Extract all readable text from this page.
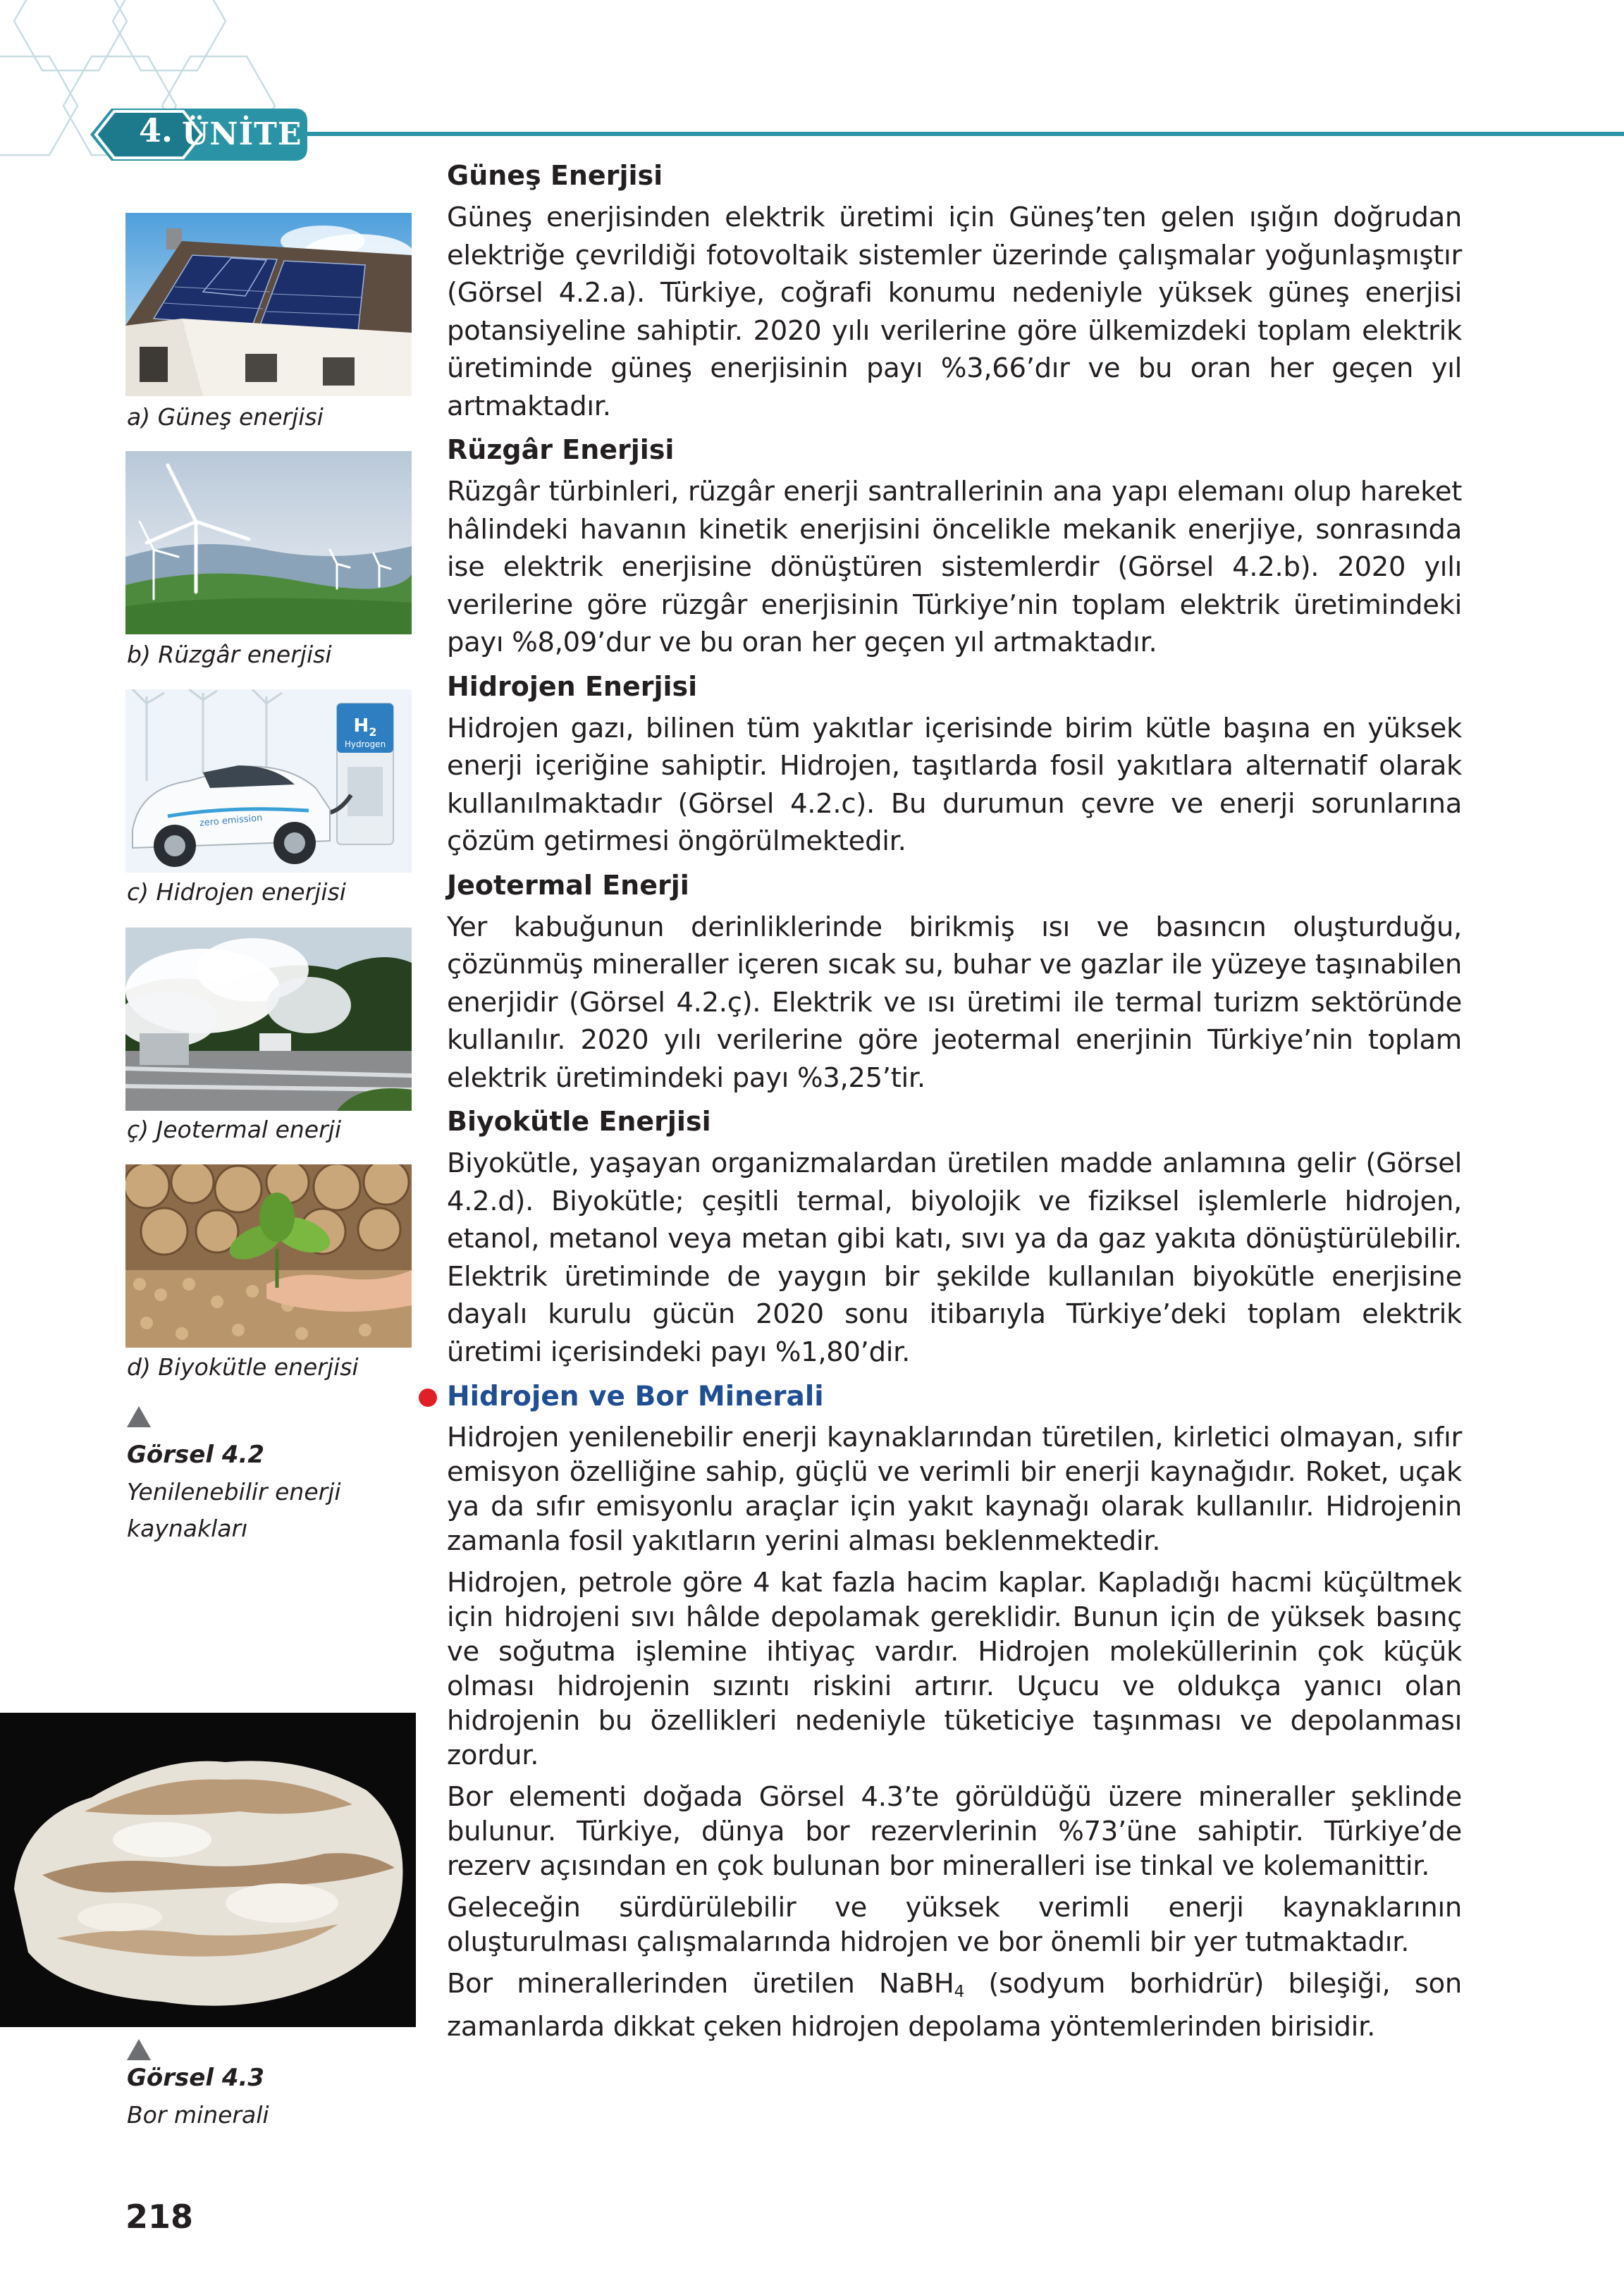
4. ÜNİTE
a) Güneş enerjisi
b) Rüzgâr enerjisi
$H_2$
Hydrogen
zero emission
c) Hidrojen enerjisi
ç) Jeotermal enerji
d) Biyokütle enerjisi
Görsel 4.2
Yenilenebilir enerji kaynakları
Görsel 4.3
Bor minerali

Güneş Enerjisi

Güneş enerjisinden elektrik üretimi için Güneş’ten gelen ışığın doğrudan elektriğe çevrildiği fotovoltaik sistemler üzerinde çalışmalar yoğunlaşmıştır (Görsel 4.2.a). Türkiye, coğrafi konumu nedeniyle yüksek güneş enerjisi potansiyeline sahiptir. 2020 yılı verilerine göre ülkemizdeki toplam elektrik üretiminde güneş enerjisinin payı %3,66’dır ve bu oran her geçen yıl artmaktadır.

Rüzgâr Enerjisi

Rüzgâr türbinleri, rüzgâr enerji santrallerinin ana yapı elemanı olup hareket hâlindeki havanın kinetik enerjisini öncelikle mekanik enerjiye, sonrasında ise elektrik enerjisine dönüştüren sistemlerdir (Görsel 4.2.b). 2020 yılı verilerine göre rüzgâr enerjisinin Türkiye’nin toplam elektrik üretimindeki payı %8,09’dur ve bu oran her geçen yıl artmaktadır.

Hidrojen Enerjisi

Hidrojen gazı, bilinen tüm yakıtlar içerisinde birim kütle başına en yüksek enerji içeriğine sahiptir. Hidrojen, taşıtlarda fosil yakıtlara alternatif olarak kullanılmaktadır (Görsel 4.2.c). Bu durumun çevre ve enerji sorunlarına çözüm getirmesi öngörülmektedir.

Jeotermal Enerji

Yer kabuğunun derinliklerinde birikmiş ısı ve basıncın oluşturduğu, çözünmüş mineraller içeren sıcak su, buhar ve gazlar ile yüzeye taşınabilen enerjidir (Görsel 4.2.ç). Elektrik ve ısı üretimi ile termal turizm sektöründe kullanılır. 2020 yılı verilerine göre jeotermal enerjinin Türkiye’nin toplam elektrik üretimindeki payı %3,25’tir.

Biyokütle Enerjisi

Biyokütle, yaşayan organizmalardan üretilen madde anlamına gelir (Görsel 4.2.d). Biyokütle; çeşitli termal, biyolojik ve fiziksel işlemlerle hidrojen, etanol, metanol veya metan gibi katı, sıvı ya da gaz yakıta dönüştürülebilir. Elektrik üretiminde de yaygın bir şekilde kullanılan biyokütle enerjisine dayalı kurulu gücün 2020 sonu itibarıyla Türkiye’deki toplam elektrik üretimi içerisindeki payı %1,80’dir.

Hidrojen ve Bor Minerali

Hidrojen yenilenebilir enerji kaynaklarından türetilen, kirletici olmayan, sıfır emisyon özelliğine sahip, güçlü ve verimli bir enerji kaynağıdır. Roket, uçak ya da sıfır emisyonlu araçlar için yakıt kaynağı olarak kullanılır. Hidrojenin zamanla fosil yakıtların yerini alması beklenmektedir.

Hidrojen, petrole göre 4 kat fazla hacim kaplar. Kapladığı hacmi küçültmek için hidrojeni sıvı hâlde depolamak gereklidir. Bunun için de yüksek basınç ve soğutma işlemine ihtiyaç vardır. Hidrojen moleküllerinin çok küçük olması hidrojenin sızıntı riskini artırır. Uçucu ve oldukça yanıcı olan hidrojenin bu özellikleri nedeniyle tüketiciye taşınması ve depolanması zordur.

Bor elementi doğada Görsel 4.3’te görüldüğü üzere mineraller şeklinde bulunur. Türkiye, dünya bor rezervlerinin %73’üne sahiptir. Türkiye’de rezerv açısından en çok bulunan bor mineralleri ise tinkal ve kolemanittir.

Geleceğin sürdürülebilir ve yüksek verimli enerji kaynaklarının oluşturulması çalışmalarında hidrojen ve bor önemli bir yer tutmaktadır.

Bor minerallerinden üretilen NaBH$_4$ (sodyum borhidrür) bileşiği, son zamanlarda dikkat çeken hidrojen depolama yöntemlerinden birisidir.

218
